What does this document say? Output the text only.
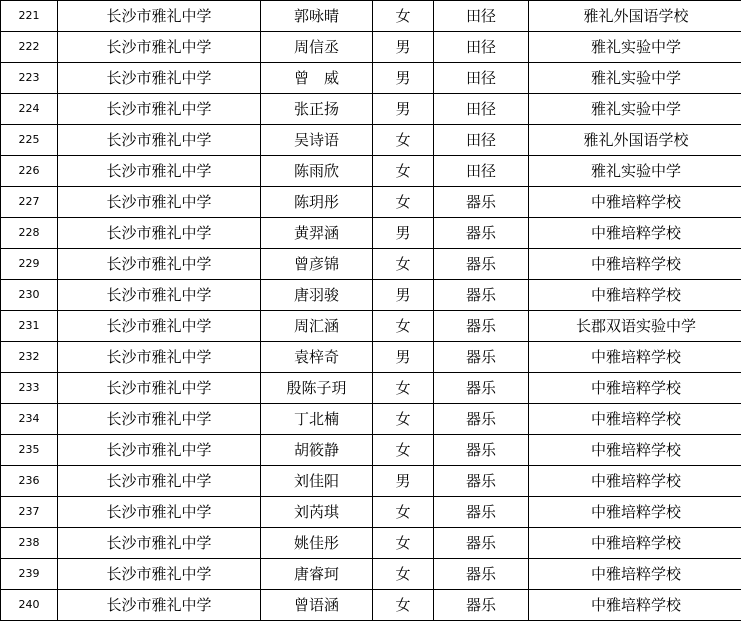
221	长沙市雅礼中学	郭咏晴	女	田径	雅礼外国语学校
222	长沙市雅礼中学	周信丞	男	田径	雅礼实验中学
223	长沙市雅礼中学	曾　威	男	田径	雅礼实验中学
224	长沙市雅礼中学	张正扬	男	田径	雅礼实验中学
225	长沙市雅礼中学	吴诗语	女	田径	雅礼外国语学校
226	长沙市雅礼中学	陈雨欣	女	田径	雅礼实验中学
227	长沙市雅礼中学	陈玥彤	女	器乐	中雅培粹学校
228	长沙市雅礼中学	黄羿涵	男	器乐	中雅培粹学校
229	长沙市雅礼中学	曾彦锦	女	器乐	中雅培粹学校
230	长沙市雅礼中学	唐羽骏	男	器乐	中雅培粹学校
231	长沙市雅礼中学	周汇涵	女	器乐	长郡双语实验中学
232	长沙市雅礼中学	袁梓奇	男	器乐	中雅培粹学校
233	长沙市雅礼中学	殷陈子玥	女	器乐	中雅培粹学校
234	长沙市雅礼中学	丁北楠	女	器乐	中雅培粹学校
235	长沙市雅礼中学	胡筱静	女	器乐	中雅培粹学校
236	长沙市雅礼中学	刘佳阳	男	器乐	中雅培粹学校
237	长沙市雅礼中学	刘芮琪	女	器乐	中雅培粹学校
238	长沙市雅礼中学	姚佳彤	女	器乐	中雅培粹学校
239	长沙市雅礼中学	唐睿珂	女	器乐	中雅培粹学校
240	长沙市雅礼中学	曾语涵	女	器乐	中雅培粹学校
